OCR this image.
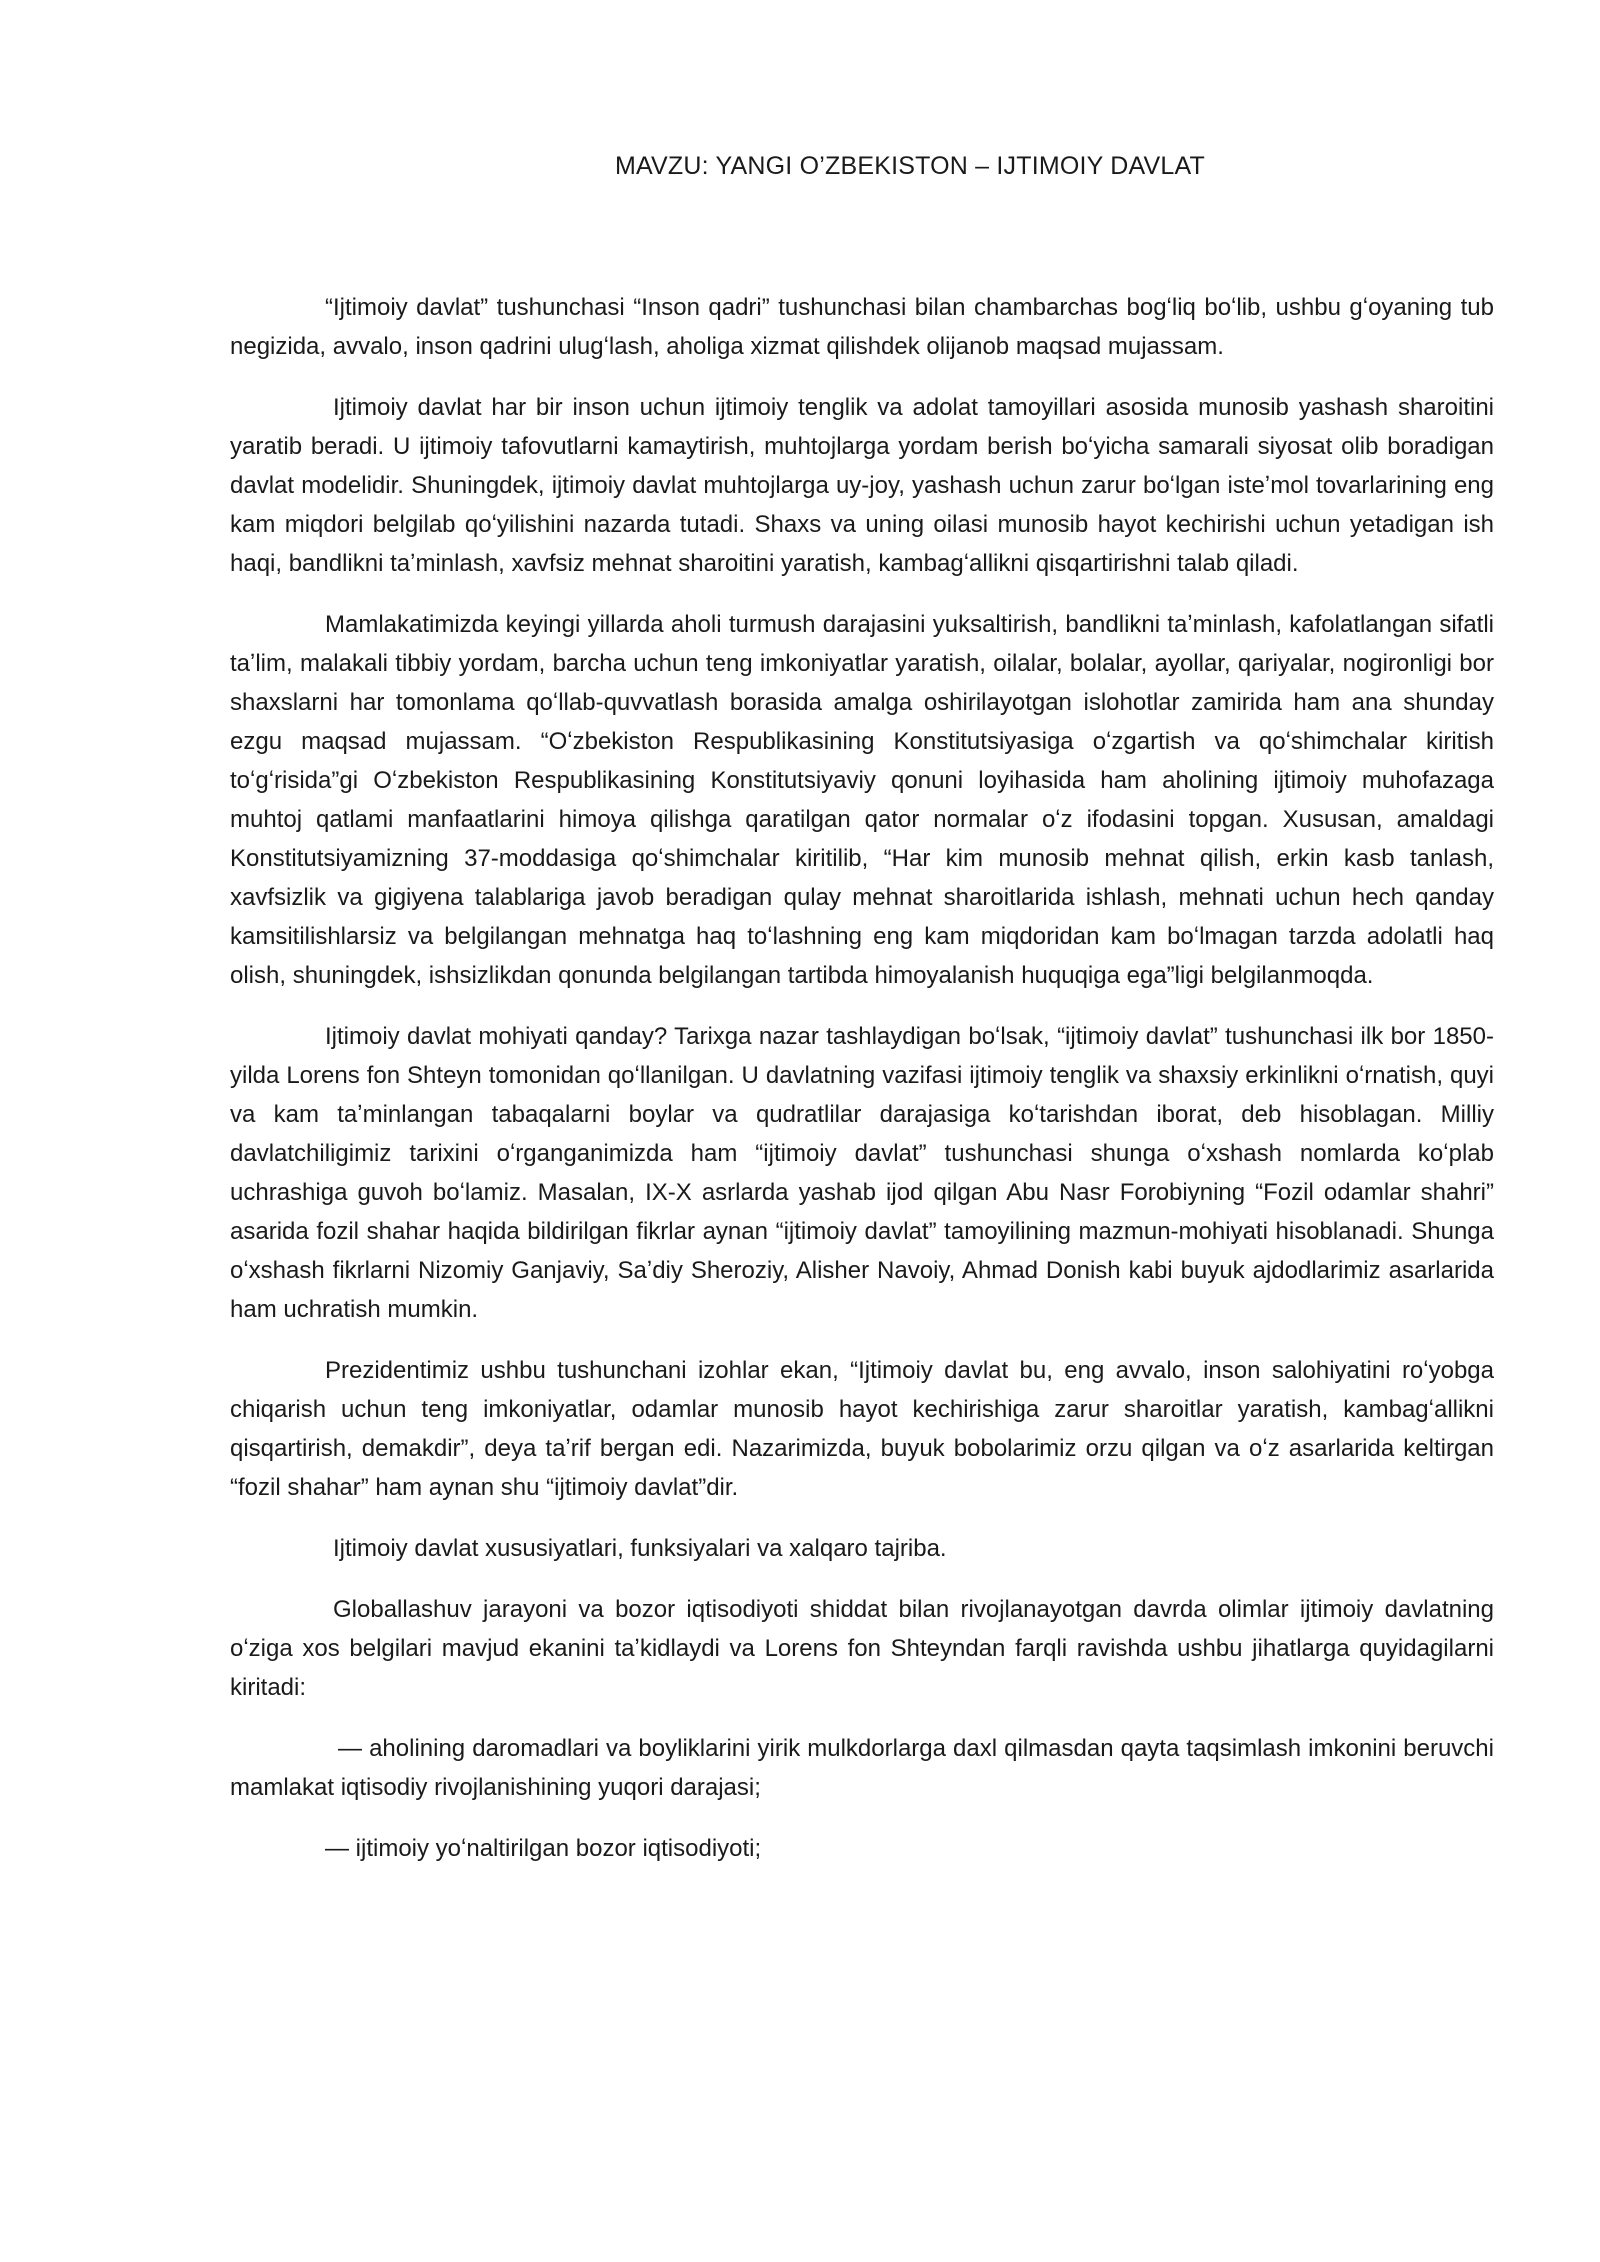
MAVZU: YANGI O’ZBEKISTON – IJTIMOIY DAVLAT

“Ijtimoiy davlat” tushunchasi “Inson qadri” tushunchasi bilan chambarchas bogʻliq boʻlib, ushbu gʻoyaning tub negizida, avvalo, inson qadrini ulugʻlash, aholiga xizmat qilishdek olijanob maqsad mujassam.

Ijtimoiy davlat har bir inson uchun ijtimoiy tenglik va adolat tamoyillari asosida munosib yashash sharoitini yaratib beradi. U ijtimoiy tafovutlarni kamaytirish, muhtojlarga yordam berish boʻyicha samarali siyosat olib boradigan davlat modelidir. Shuningdek, ijtimoiy davlat muhtojlarga uy-joy, yashash uchun zarur boʻlgan isteʼmol tovarlarining eng kam miqdori belgilab qoʻyilishini nazarda tutadi. Shaxs va uning oilasi munosib hayot kechirishi uchun yetadigan ish haqi, bandlikni taʼminlash, xavfsiz mehnat sharoitini yaratish, kambagʻallikni qisqartirishni talab qiladi.

Mamlakatimizda keyingi yillarda aholi turmush darajasini yuksaltirish, bandlikni taʼminlash, kafolatlangan sifatli taʼlim, malakali tibbiy yordam, barcha uchun teng imkoniyatlar yaratish, oilalar, bolalar, ayollar, qariyalar, nogironligi bor shaxslarni har tomonlama qoʻllab-quvvatlash borasida amalga oshirilayotgan islohotlar zamirida ham ana shunday ezgu maqsad mujassam. “Oʻzbekiston Respublikasining Konstitutsiyasiga oʻzgartish va qoʻshimchalar kiritish toʻgʻrisida”gi Oʻzbekiston Respublikasining Konstitutsiyaviy qonuni loyihasida ham aholining ijtimoiy muhofazaga muhtoj qatlami manfaatlarini himoya qilishga qaratilgan qator normalar oʻz ifodasini topgan. Xususan, amaldagi Konstitutsiyamizning 37-moddasiga qoʻshimchalar kiritilib, “Har kim munosib mehnat qilish, erkin kasb tanlash, xavfsizlik va gigiyena talablariga javob beradigan qulay mehnat sharoitlarida ishlash, mehnati uchun hech qanday kamsitilishlarsiz va belgilangan mehnatga haq toʻlashning eng kam miqdoridan kam boʻlmagan tarzda adolatli haq olish, shuningdek, ishsizlikdan qonunda belgilangan tartibda himoyalanish huquqiga ega”ligi belgilanmoqda.

Ijtimoiy davlat mohiyati qanday? Tarixga nazar tashlaydigan boʻlsak, “ijtimoiy davlat” tushunchasi ilk bor 1850-yilda Lorens fon Shteyn tomonidan qoʻllanilgan. U davlatning vazifasi ijtimoiy tenglik va shaxsiy erkinlikni oʻrnatish, quyi va kam taʼminlangan tabaqalarni boylar va qudratlilar darajasiga koʻtarishdan iborat, deb hisoblagan. Milliy davlatchiligimiz tarixini oʻrganganimizda ham “ijtimoiy davlat” tushunchasi shunga oʻxshash nomlarda koʻplab uchrashiga guvoh boʻlamiz. Masalan, IX-X asrlarda yashab ijod qilgan Abu Nasr Forobiyning “Fozil odamlar shahri” asarida fozil shahar haqida bildirilgan fikrlar aynan “ijtimoiy davlat” tamoyilining mazmun-mohiyati hisoblanadi. Shunga oʻxshash fikrlarni Nizomiy Ganjaviy, Saʼdiy Sheroziy, Alisher Navoiy, Ahmad Donish kabi buyuk ajdodlarimiz asarlarida ham uchratish mumkin.

Prezidentimiz ushbu tushunchani izohlar ekan, “Ijtimoiy davlat bu, eng avvalo, inson salohiyatini roʻyobga chiqarish uchun teng imkoniyatlar, odamlar munosib hayot kechirishiga zarur sharoitlar yaratish, kambagʻallikni qisqartirish, demakdir”, deya taʼrif bergan edi. Nazarimizda, buyuk bobolarimiz orzu qilgan va oʻz asarlarida keltirgan “fozil shahar” ham aynan shu “ijtimoiy davlat”dir.

Ijtimoiy davlat xususiyatlari, funksiyalari va xalqaro tajriba.

Globallashuv jarayoni va bozor iqtisodiyoti shiddat bilan rivojlanayotgan davrda olimlar ijtimoiy davlatning oʻziga xos belgilari mavjud ekanini taʼkidlaydi va Lorens fon Shteyndan farqli ravishda ushbu jihatlarga quyidagilarni kiritadi:

— aholining daromadlari va boyliklarini yirik mulkdorlarga daxl qilmasdan qayta taqsimlash imkonini beruvchi mamlakat iqtisodiy rivojlanishining yuqori darajasi;

— ijtimoiy yoʻnaltirilgan bozor iqtisodiyoti;
